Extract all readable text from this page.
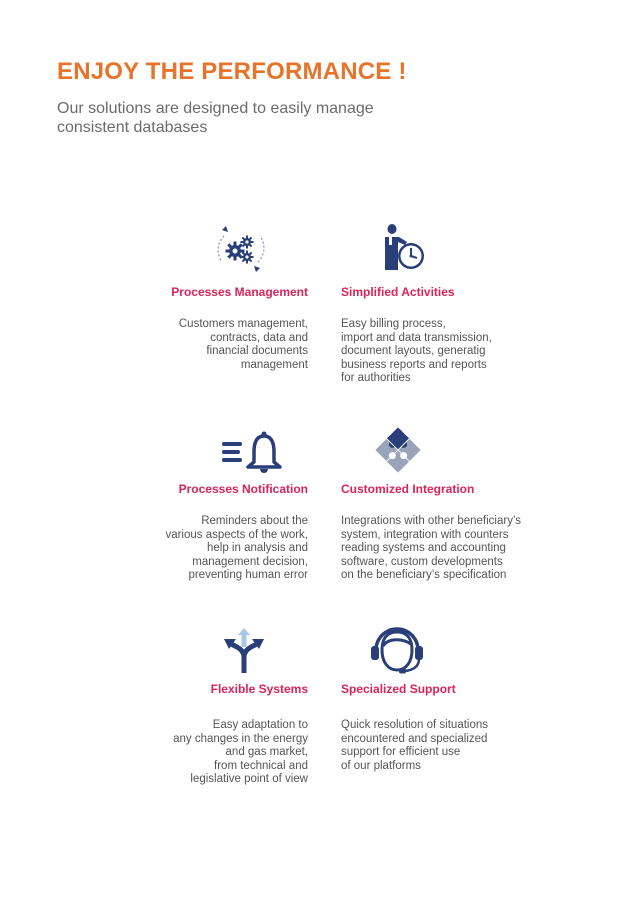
ENJOY THE PERFORMANCE !

Our solutions are designed to easily manage consistent databases

Processes Management
Customers management,
contracts, data and
financial documents
management
Simplified Activities
Easy billing process,
import and data transmission,
document layouts, generatig
business reports and reports
for authorities
Processes Notification
Reminders about the
various aspects of the work,
help in analysis and
management decision,
preventing human error
Customized Integration
Integrations with other beneficiary’s
system, integration with counters
reading systems and accounting
software, custom developments
on the beneficiary’s specification
Flexible Systems
Easy adaptation to
any changes in the energy
and gas market,
from technical and
legislative point of view
Specialized Support
Quick resolution of situations
encountered and specialized
support for efficient use
of our platforms
